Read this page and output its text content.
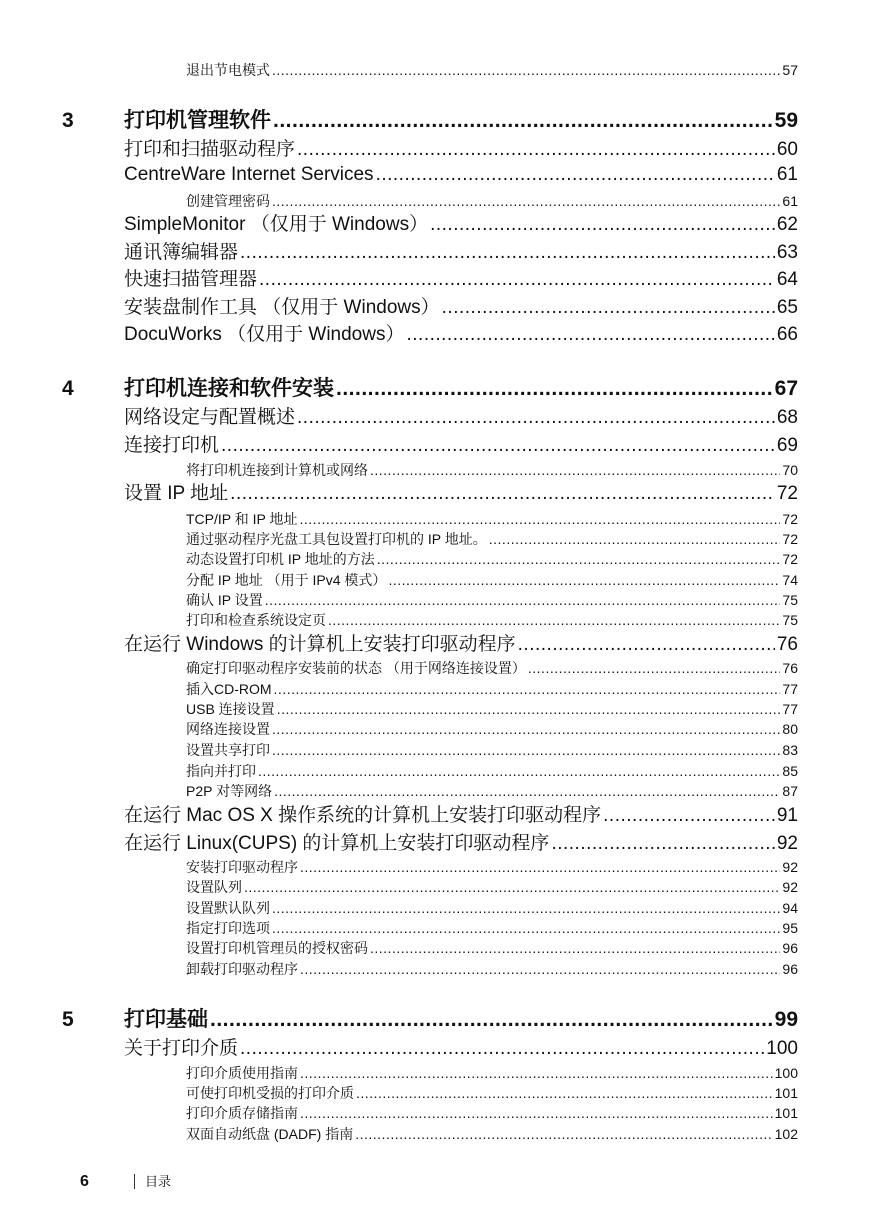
退出节电模式 .....	57
3 打印机管理软件 .....	59
打印和扫描驱动程序 .....	60
CentreWare Internet Services .....	61
创建管理密码 .....	61
SimpleMonitor （仅用于 Windows） .....	62
通讯簿编辑器 .....	63
快速扫描管理器 .....	64
安装盘制作工具 （仅用于 Windows） .....	65
DocuWorks （仅用于 Windows） .....	66
4 打印机连接和软件安装 .....	67
网络设定与配置概述 .....	68
连接打印机 .....	69
将打印机连接到计算机或网络 .....	70
设置 IP 地址 .....	72
TCP/IP 和 IP 地址 .....	72
通过驱动程序光盘工具包设置打印机的 IP 地址。 .....	72
动态设置打印机 IP 地址的方法 .....	72
分配 IP 地址 （用于 IPv4 模式） .....	74
确认 IP 设置 .....	75
打印和检查系统设定页 .....	75
在运行 Windows 的计算机上安装打印驱动程序 .....	76
确定打印驱动程序安装前的状态 （用于网络连接设置） .....	76
插入CD-ROM .....	77
USB 连接设置 .....	77
网络连接设置 .....	80
设置共享打印 .....	83
指向并打印 .....	85
P2P 对等网络 .....	87
在运行 Mac OS X 操作系统的计算机上安装打印驱动程序 .....	91
在运行 Linux(CUPS) 的计算机上安装打印驱动程序 .....	92
安装打印驱动程序 .....	92
设置队列 .....	92
设置默认队列 .....	94
指定打印选项 .....	95
设置打印机管理员的授权密码 .....	96
卸载打印驱动程序 .....	96
5 打印基础 .....	99
关于打印介质 .....	100
打印介质使用指南 .....	100
可使打印机受损的打印介质 .....	101
打印介质存储指南 .....	101
双面自动纸盘 (DADF) 指南 .....	102
6	目录
